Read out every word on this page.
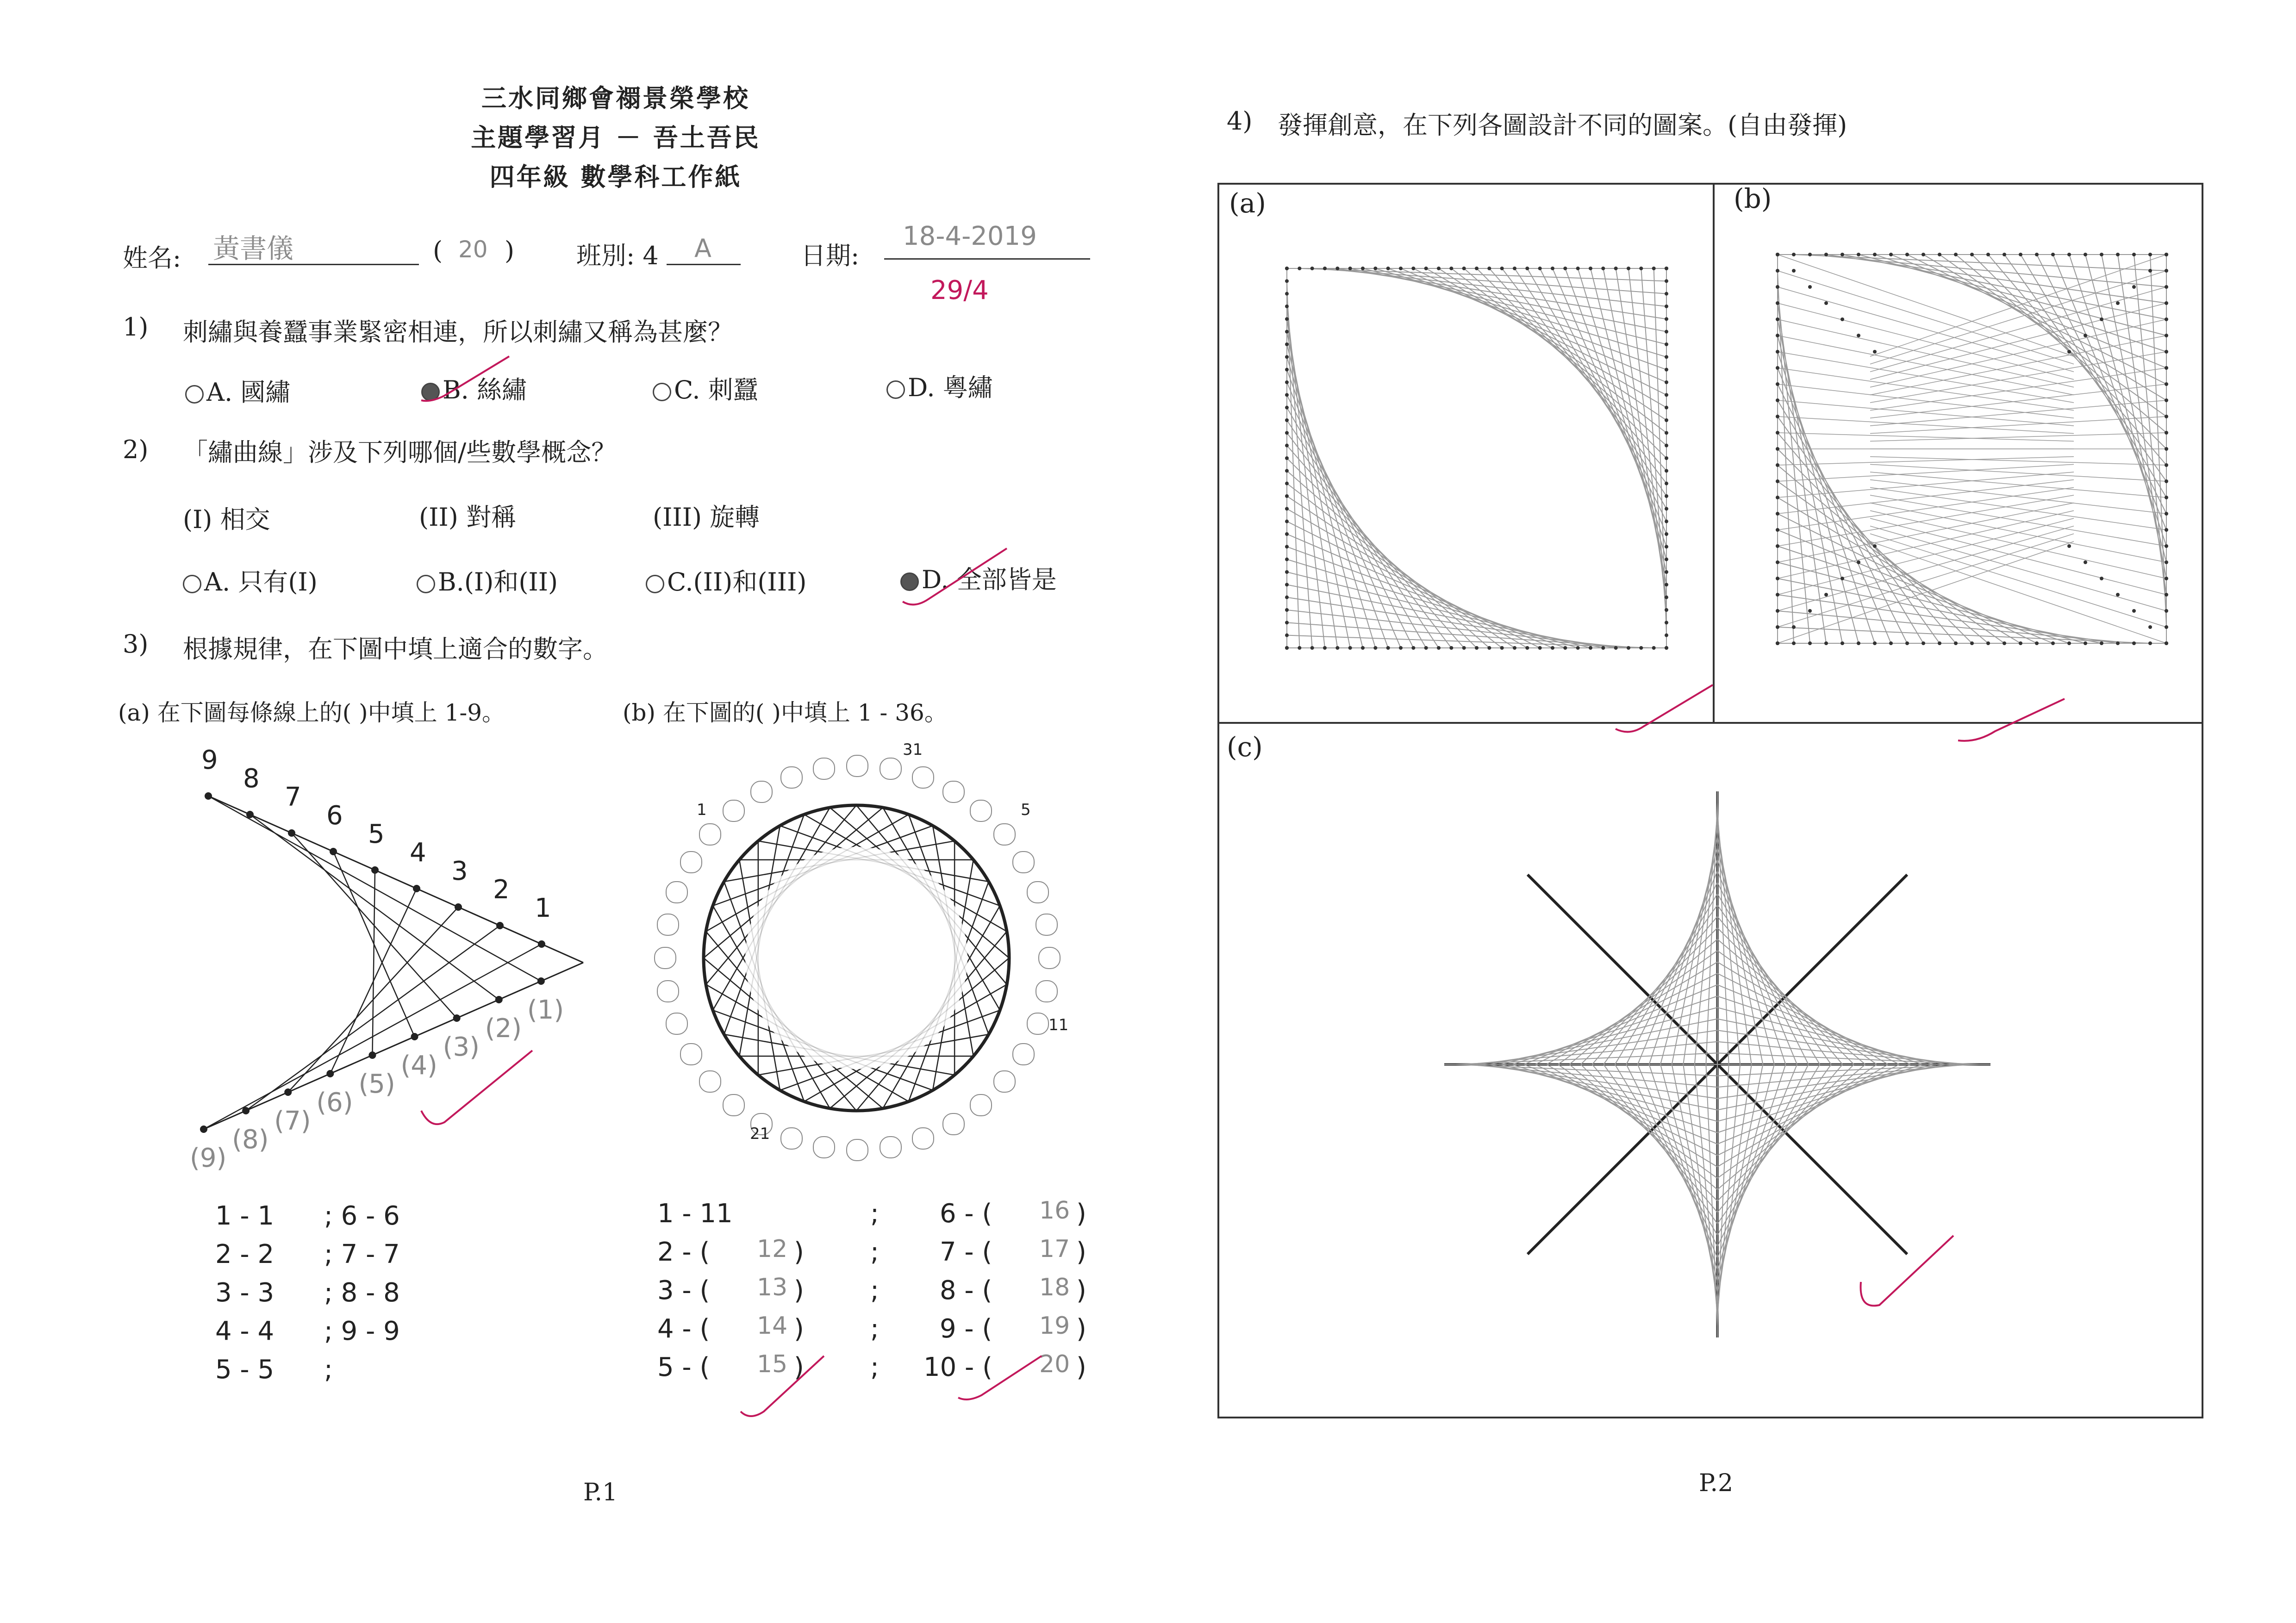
三水同鄉會禤景榮學校
主題學習月 － 吾土吾民
四年級 數學科工作紙
姓名: 黃書儀	( 20 ) 班別: 4 A	日期:
18-4-2019
29/4
1) 刺繡與養蠶事業緊密相連，所以刺繡又稱為甚麼？
A. 國繡	B. 絲繡	C. 刺蠶	D. 粵繡
2) 「繡曲線」涉及下列哪個/些數學概念？
(I) 相交	(II) 對稱	(III) 旋轉
A. 只有(I)	B.(I)和(II)	C.(II)和(III)	D. 全部皆是
3) 根據規律，在下圖中填上適合的數字。
(a) 在下圖每條線上的( )中填上 1-9。	(b) 在下圖的( )中填上 1 - 36。
9
(9)
8
(8)
7
(7)
6
(6)
5
(5)
4
(4)
3
(3)
2
(2)
1
(1)
31
5
11
21
1
1 - 1 ; 6 - 6
2 - 2 ; 7 - 7
3 - 3 ; 8 - 8
4 - 4 ; 9 - 9
5 - 5 ;
1 - 11	; 6 - ( 16 )
2 - ( 12 )	; 7 - ( 17 )
3 - ( 13 )	; 8 - ( 18 )
4 - ( 14 )	; 9 - ( 19 )
5 - ( 15 )	; 10 - ( 20 )
P.1
4) 發揮創意，在下列各圖設計不同的圖案。(自由發揮)
(a)	(b)
(c)
P.2
